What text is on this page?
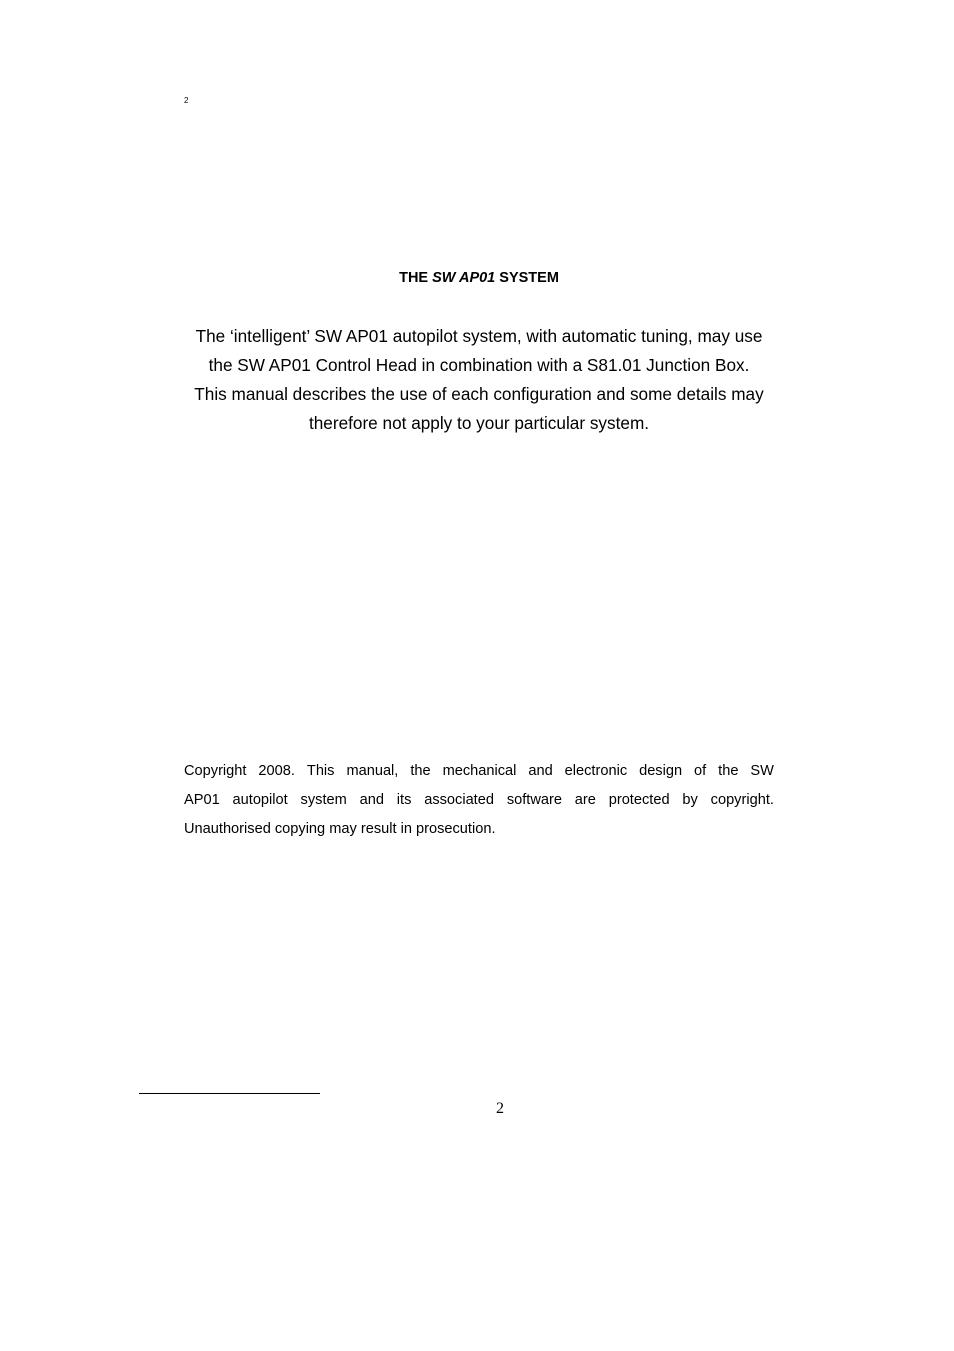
2
THE SW AP01 SYSTEM
The ‘intelligent’ SW AP01 autopilot system, with automatic tuning, may use
the SW AP01 Control Head in combination with a S81.01 Junction Box.
This manual describes the use of each configuration and some details may
therefore not apply to your particular system.
Copyright 2008. This manual, the mechanical and electronic design of the SW
AP01 autopilot system and its associated software are protected by copyright.
Unauthorised copying may result in prosecution.
2
